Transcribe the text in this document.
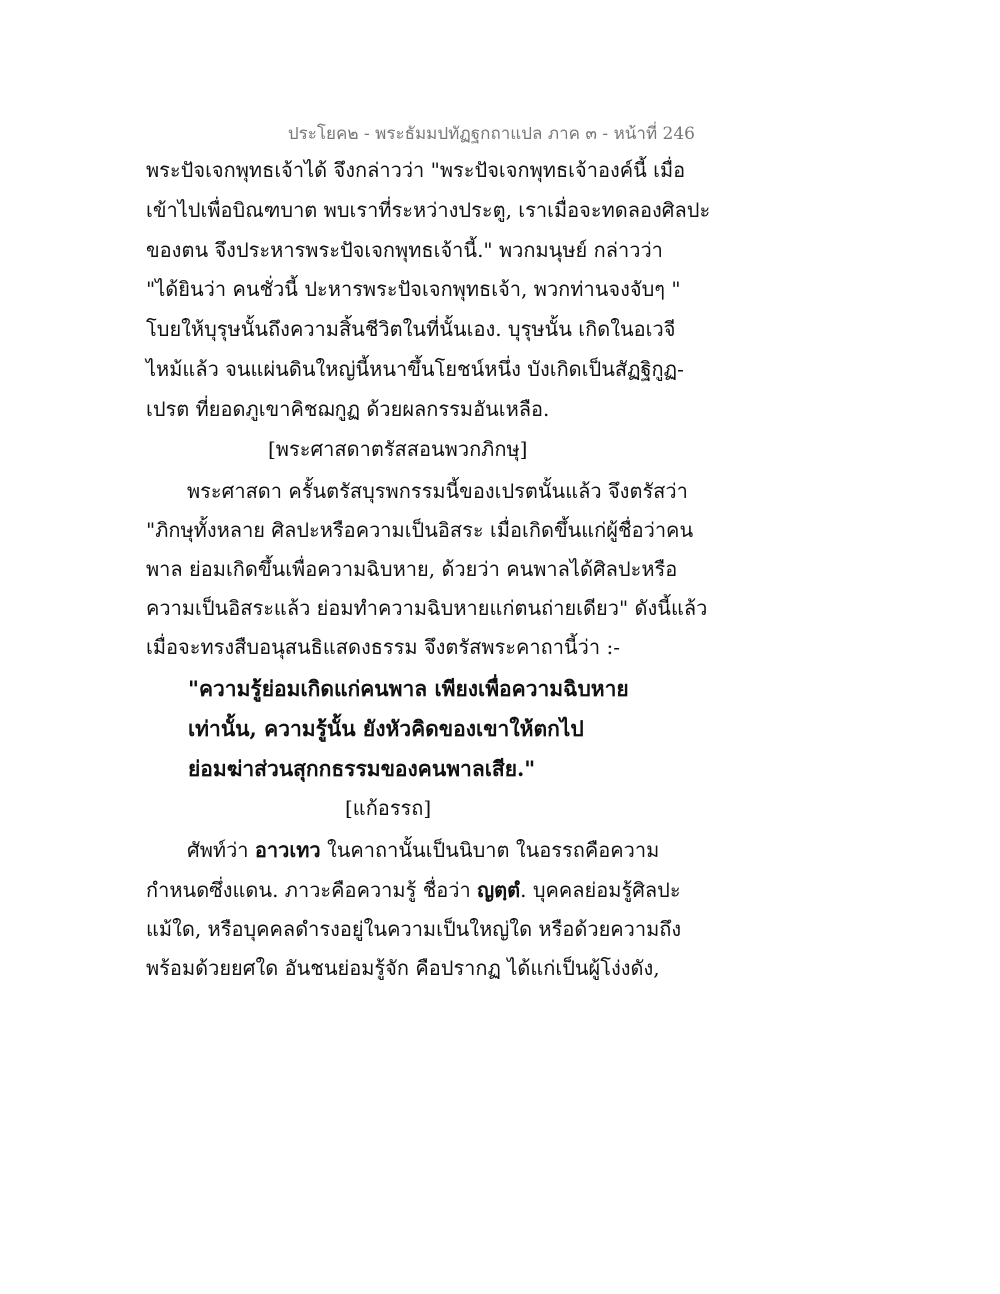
ประโยค๒ - พระธัมมปทัฏฐกถาแปล ภาค ๓ - หน้าที่ 246
พระปัจเจกพุทธเจ้าได้ จึงกล่าวว่า "พระปัจเจกพุทธเจ้าองค์นี้ เมื่อ
เข้าไปเพื่อบิณฑบาต พบเราที่ระหว่างประตู, เราเมื่อจะทดลองศิลปะ
ของตน จึงประหารพระปัจเจกพุทธเจ้านี้." พวกมนุษย์ กล่าวว่า
"ได้ยินว่า คนชั่วนี้ ปะหารพระปัจเจกพุทธเจ้า, พวกท่านจงจับๆ "
โบยให้บุรุษนั้นถึงความสิ้นชีวิตในที่นั้นเอง. บุรุษนั้น เกิดในอเวจี
ไหม้แล้ว จนแผ่นดินใหญ่นี้หนาขึ้นโยชน์หนึ่ง บังเกิดเป็นสัฏฐิกูฏ-
เปรต ที่ยอดภูเขาคิชฌกูฏ ด้วยผลกรรมอันเหลือ.
[พระศาสดาตรัสสอนพวกภิกษุ]
พระศาสดา ครั้นตรัสบุรพกรรมนี้ของเปรตนั้นแล้ว จึงตรัสว่า
"ภิกษุทั้งหลาย ศิลปะหรือความเป็นอิสระ เมื่อเกิดขึ้นแก่ผู้ชื่อว่าคน
พาล ย่อมเกิดขึ้นเพื่อความฉิบหาย, ด้วยว่า คนพาลได้ศิลปะหรือ
ความเป็นอิสระแล้ว ย่อมทำความฉิบหายแก่ตนถ่ายเดียว" ดังนี้แล้ว
เมื่อจะทรงสืบอนุสนธิแสดงธรรม จึงตรัสพระคาถานี้ว่า :-
"ความรู้ย่อมเกิดแก่คนพาล เพียงเพื่อความฉิบหาย
เท่านั้น, ความรู้นั้น ยังหัวคิดของเขาให้ตกไป
ย่อมฆ่าส่วนสุกกธรรมของคนพาลเสีย."
[แก้อรรถ]
ศัพท์ว่า อาวเทว ในคาถานั้นเป็นนิบาต ในอรรถคือความ
กำหนดซึ่งแดน. ภาวะคือความรู้ ชื่อว่า ญตฺตํ. บุคคลย่อมรู้ศิลปะ
แม้ใด, หรือบุคคลดำรงอยู่ในความเป็นใหญ่ใด หรือด้วยความถึง
พร้อมด้วยยศใด อันชนย่อมรู้จัก คือปรากฏ ได้แก่เป็นผู้โง่งดัง,
